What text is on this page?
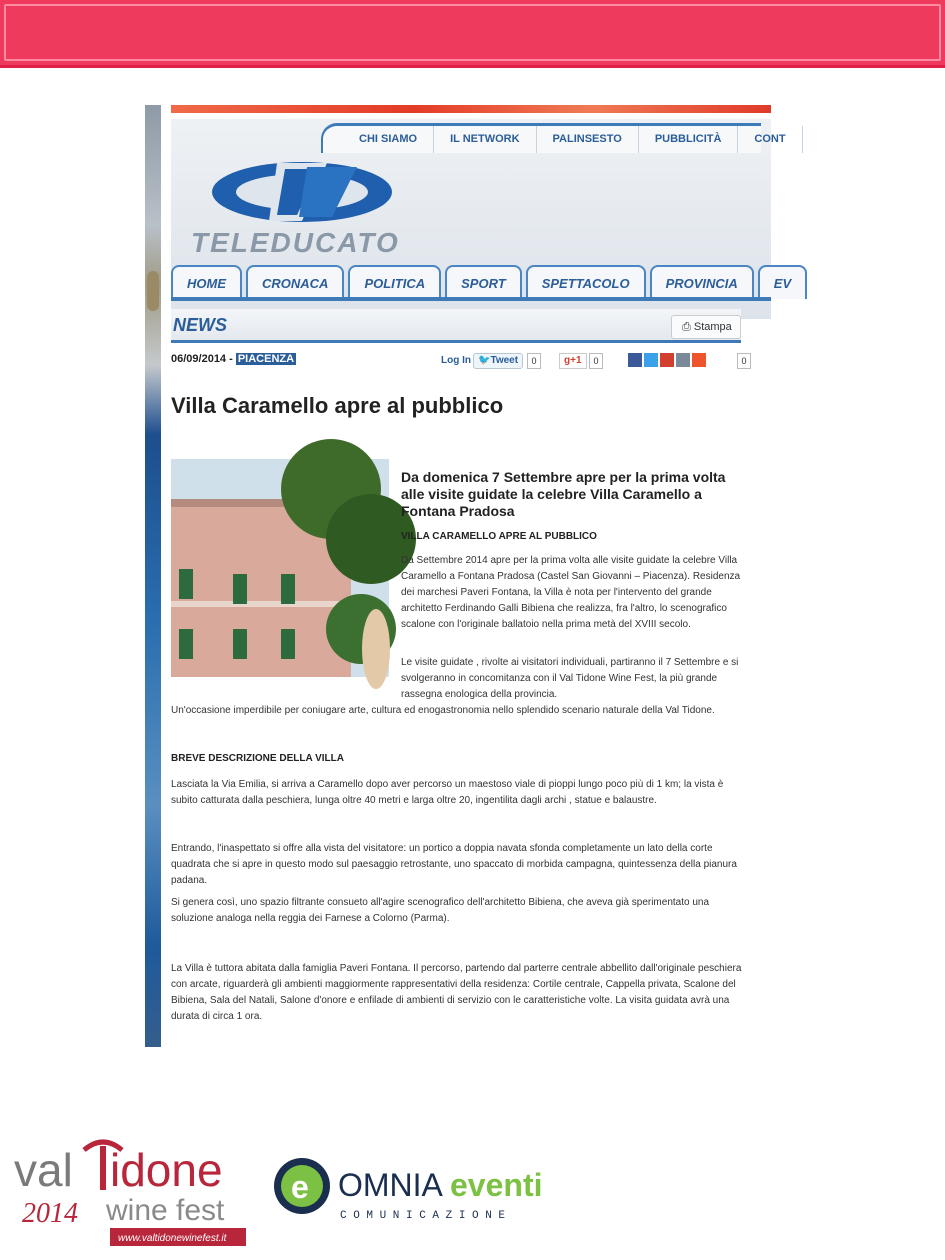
CHI SIAMO	IL NETWORK	PALINSESTO	PUBBLICITÀ	CONT
TELEDUCATO
HOME	CRONACA	POLITICA	SPORT	SPETTACOLO	PROVINCIA	EV
NEWS	⎙ Stampa
06/09/2014 - PIACENZA	Log In 🐦Tweet	0	g+1	0	0
Villa Caramello apre al pubblico
Da domenica 7 Settembre apre per la prima volta alle visite guidate la celebre Villa Caramello a Fontana Pradosa
VILLA CARAMELLO APRE AL PUBBLICO

Da Settembre 2014 apre per la prima volta alle visite guidate la celebre Villa Caramello a Fontana Pradosa (Castel San Giovanni – Piacenza). Residenza dei marchesi Paveri Fontana, la Villa è nota per l'intervento del grande architetto Ferdinando Galli Bibiena che realizza, fra l'altro, lo scenografico scalone con l'originale ballatoio nella prima metà del XVIII secolo.

Le visite guidate , rivolte ai visitatori individuali, partiranno il 7 Settembre e si svolgeranno in concomitanza con il Val Tidone Wine Fest, la più grande rassegna enologica della provincia.

Un'occasione imperdibile per coniugare arte, cultura ed enogastronomia nello splendido scenario naturale della Val Tidone.

BREVE DESCRIZIONE DELLA VILLA

Lasciata la Via Emilia, si arriva a Caramello dopo aver percorso un maestoso viale di pioppi lungo poco più di 1 km; la vista è subito catturata dalla peschiera, lunga oltre 40 metri e larga oltre 20, ingentilita dagli archi , statue e balaustre.

Entrando, l'inaspettato si offre alla vista del visitatore: un portico a doppia navata sfonda completamente un lato della corte quadrata che si apre in questo modo sul paesaggio retrostante, uno spaccato di morbida campagna, quintessenza della pianura padana.

Si genera così, uno spazio filtrante consueto all'agire scenografico dell'architetto Bibiena, che aveva già sperimentato una soluzione analoga nella reggia dei Farnese a Colorno (Parma).

La Villa è tuttora abitata dalla famiglia Paveri Fontana. Il percorso, partendo dal parterre centrale abbellito dall'originale peschiera con arcate, riguarderà gli ambienti maggiormente rappresentativi della residenza: Cortile centrale, Cappella privata, Scalone del Bibiena, Sala del Natali, Salone d'onore e enfilade di ambienti di servizio con le caratteristiche volte. La visita guidata avrà una durata di circa 1 ora.

val idone
2014 wine fest
www.valtidonewinefest.it
e OMNIA eventi
C O M U N I C A Z I O N E
